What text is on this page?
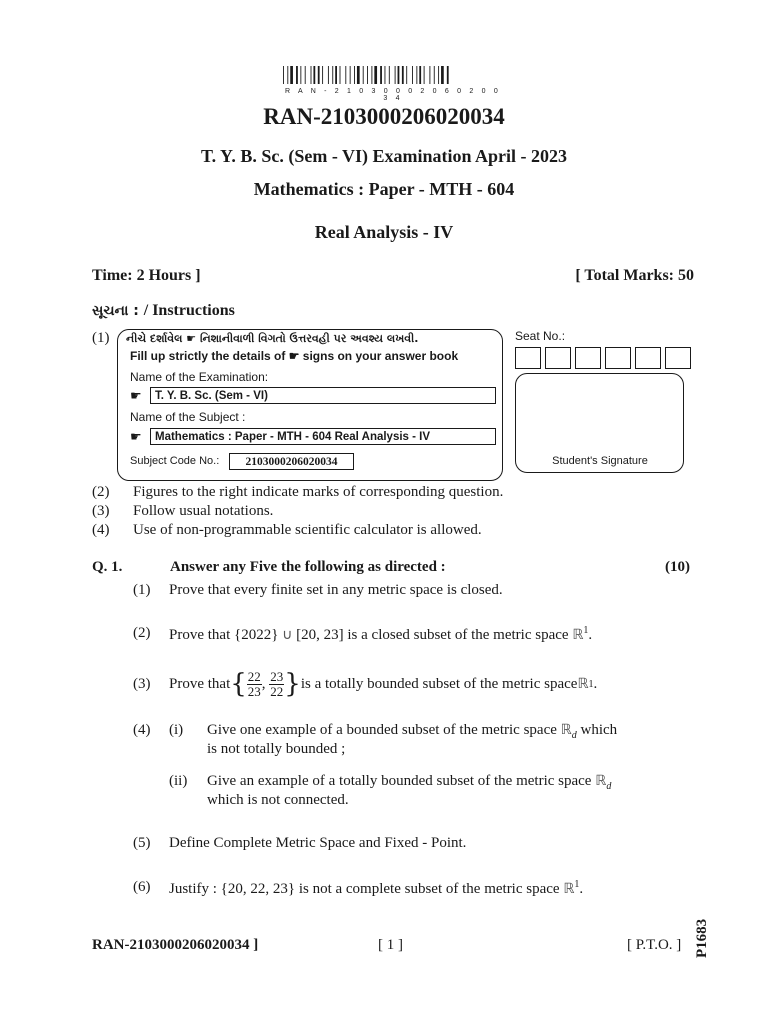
R A N - 2 1 0 3 0 0 0 2 0 6 0 2 0 0 3 4
RAN-2103000206020034
T. Y. B. Sc. (Sem - VI) Examination April - 2023
Mathematics : Paper - MTH - 604
Real Analysis - IV
Time: 2 Hours ]	[ Total Marks: 50
સૂચના : / Instructions
(1) નીચે દર્શાવેલ ☛ નિશાનીવાળી વિગતો ઉત્તરવહી પર અવશ્ય લખવી.
Fill up strictly the details of ☛ signs on your answer book
Name of the Examination:
☛	T. Y. B. Sc. (Sem - VI)
Name of the Subject :
☛	Mathematics : Paper - MTH - 604 Real Analysis - IV
Subject Code No.:	2103000206020034
Seat No.:
Student's Signature
(2) Figures to the right indicate marks of corresponding question.
(3) Follow usual notations.
(4) Use of non-programmable scientific calculator is allowed.
Q. 1.	Answer any Five the following as directed :	(10)
(1) Prove that every finite set in any metric space is closed.
(2) Prove that {2022} ∪ [20, 23] is a closed subset of the metric space ℝ$^1$.
(3) Prove that { $\frac{22}{23}$ , $\frac{23}{22}$ } is a totally bounded subset of the metric space ℝ 1 .
(4) (i) Give one example of a bounded subset of the metric space ℝ$_d$ which
is not totally bounded ;
(ii) Give an example of a totally bounded subset of the metric space ℝ$_d$
which is not connected.
(5) Define Complete Metric Space and Fixed - Point.
(6) Justify : {20, 22, 23} is not a complete subset of the metric space ℝ$^1$.
RAN-2103000206020034 ]	[ 1 ]	[ P.T.O. ] P1683
